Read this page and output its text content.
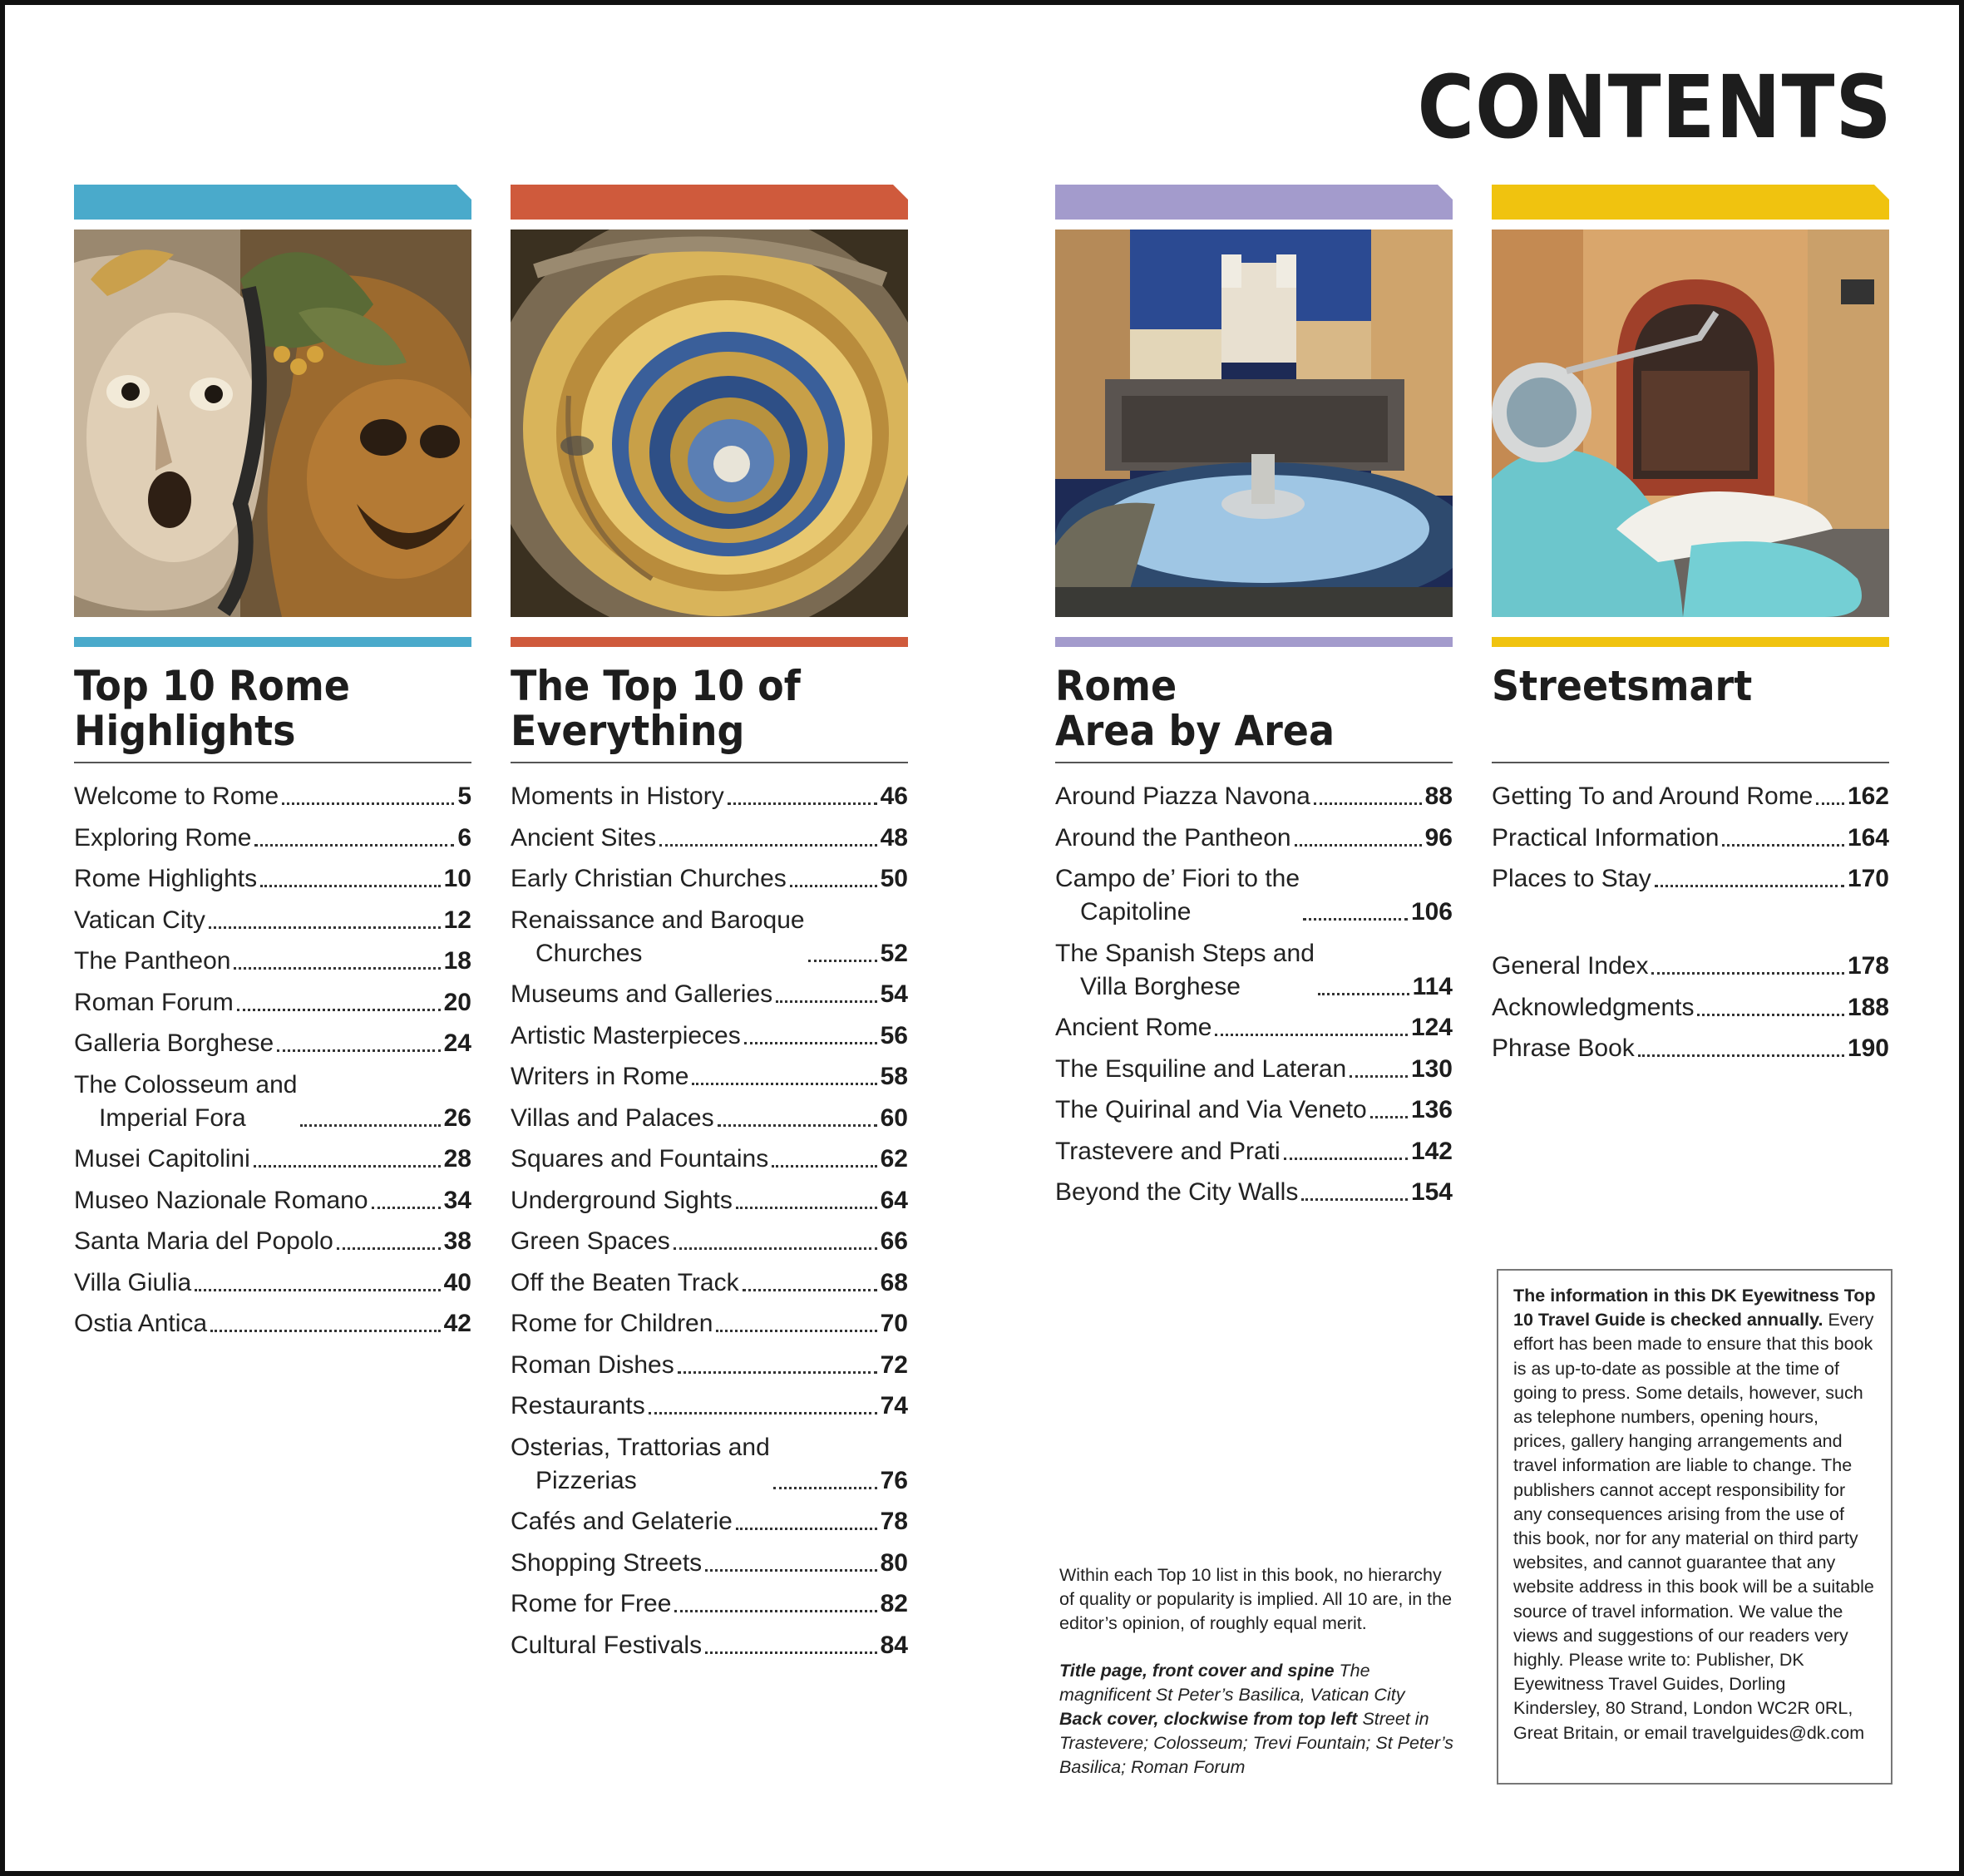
CONTENTS
Top 10 Rome
Highlights
Welcome to Rome	5
Exploring Rome	6
Rome Highlights	10
Vatican City	12
The Pantheon	18
Roman Forum	20
Galleria Borghese	24
The Colosseum and
Imperial Fora	26
Musei Capitolini	28
Museo Nazionale Romano	34
Santa Maria del Popolo	38
Villa Giulia	40
Ostia Antica	42
The Top 10 of
Everything
Moments in History	46
Ancient Sites	48
Early Christian Churches	50
Renaissance and Baroque
Churches	52
Museums and Galleries	54
Artistic Masterpieces	56
Writers in Rome	58
Villas and Palaces	60
Squares and Fountains	62
Underground Sights	64
Green Spaces	66
Off the Beaten Track	68
Rome for Children	70
Roman Dishes	72
Restaurants	74
Osterias, Trattorias and
Pizzerias	76
Cafés and Gelaterie	78
Shopping Streets	80
Rome for Free	82
Cultural Festivals	84
Rome
Area by Area
Around Piazza Navona	88
Around the Pantheon	96
Campo de’ Fiori to the
Capitoline	106
The Spanish Steps and
Villa Borghese	114
Ancient Rome	124
The Esquiline and Lateran	130
The Quirinal and Via Veneto 136
Trastevere and Prati	142
Beyond the City Walls	154
Streetsmart
Getting To and Around Rome 162
Practical Information	164
Places to Stay	170
General Index	178
Acknowledgments	188
Phrase Book	190
Within each Top 10 list in this book, no hierarchy of quality or popularity is implied. All 10 are, in the editor’s opinion, of roughly equal merit.
Title page, front cover and spine The magnificent St Peter’s Basilica, Vatican City
Back cover, clockwise from top left Street in Trastevere; Colosseum; Trevi Fountain; St Peter’s Basilica; Roman Forum
The information in this DK Eyewitness Top 10 Travel Guide is checked annually. Every effort has been made to ensure that this book is as up-to-date as possible at the time of going to press. Some details, however, such as telephone numbers, opening hours, prices, gallery hanging arrangements and travel information are liable to change. The publishers cannot accept responsibility for any consequences arising from the use of this book, nor for any material on third party websites, and cannot guarantee that any website address in this book will be a suitable source of travel information. We value the views and suggestions of our readers very highly. Please write to: Publisher, DK Eyewitness Travel Guides, Dorling Kindersley, 80 Strand, London WC2R 0RL, Great Britain, or email travelguides@dk.com
